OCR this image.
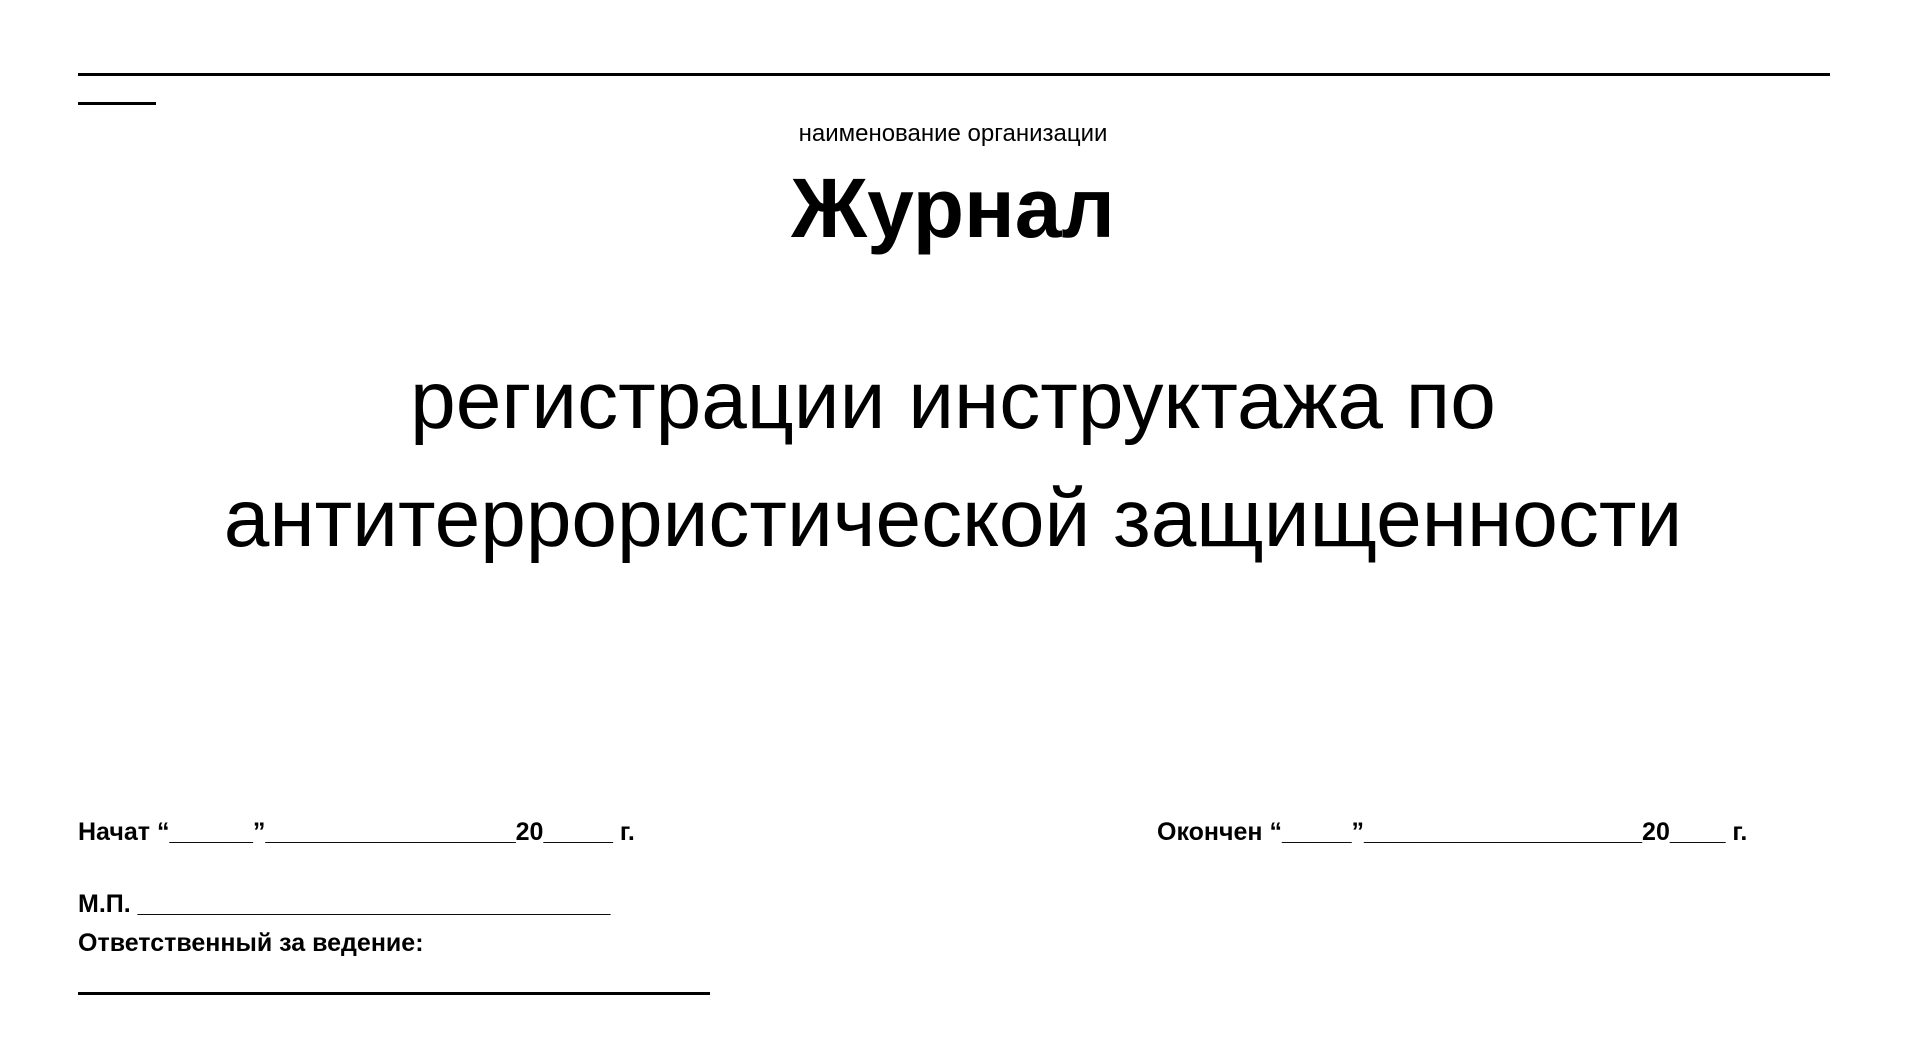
наименование организации
Журнал
регистрации инструктажа по
антитеррористической защищенности
Начат “______”__________________20_____ г.	Окончен “_____”____________________20____ г.
М.П. __________________________________
Ответственный за ведение:
